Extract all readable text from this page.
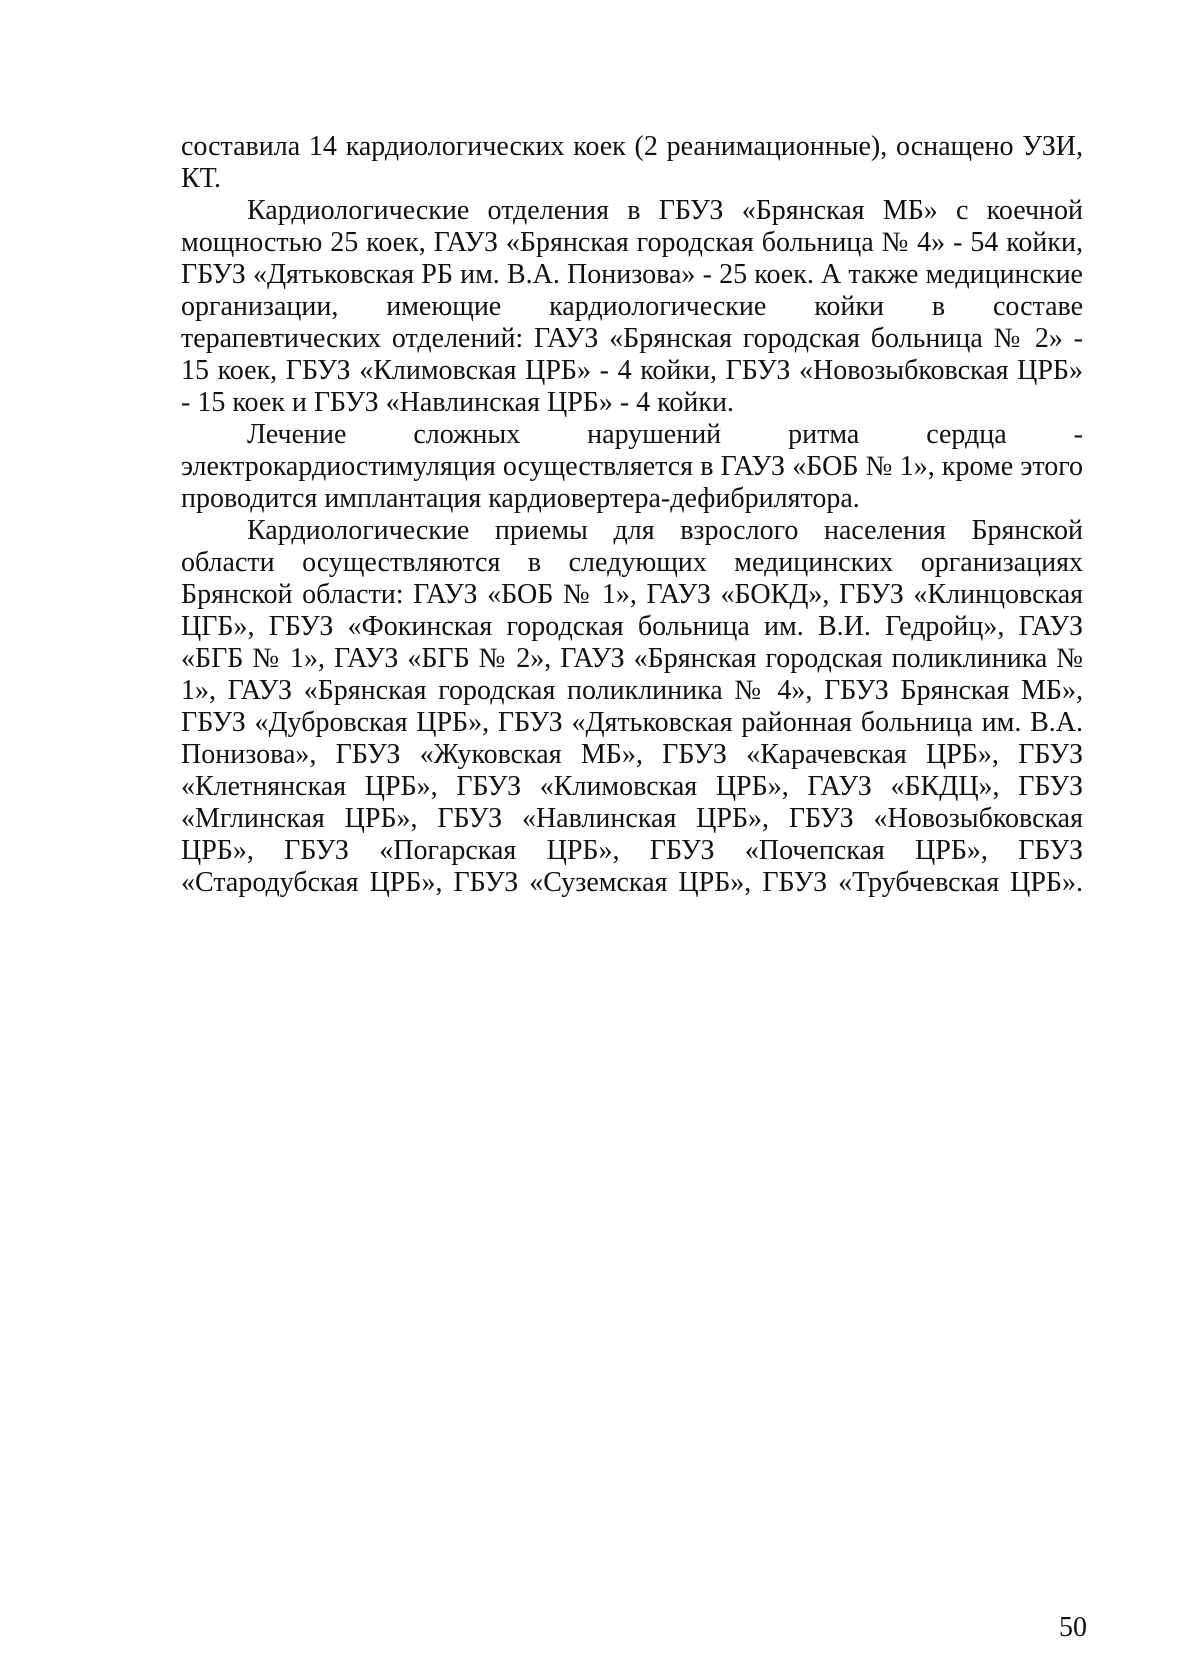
составила 14 кардиологических коек (2 реанимационные), оснащено УЗИ, КТ.

Кардиологические отделения в ГБУЗ «Брянская МБ» с коечной мощностью 25 коек, ГАУЗ «Брянская городская больница № 4» - 54 койки, ГБУЗ «Дятьковская РБ им. В.А. Понизова» - 25 коек. А также медицинские организации, имеющие кардиологические койки в составе терапевтических отделений: ГАУЗ «Брянская городская больница № 2» - 15 коек, ГБУЗ «Климовская ЦРБ» - 4 койки, ГБУЗ «Новозыбковская ЦРБ» - 15 коек и ГБУЗ «Навлинская ЦРБ» - 4 койки.

Лечение сложных нарушений ритма сердца - электрокардиостимуляция осуществляется в ГАУЗ «БОБ № 1», кроме этого проводится имплантация кардиовертера-дефибрилятора.

Кардиологические приемы для взрослого населения Брянской области осуществляются в следующих медицинских организациях Брянской области: ГАУЗ «БОБ № 1», ГАУЗ «БОКД», ГБУЗ «Клинцовская ЦГБ», ГБУЗ «Фокинская городская больница им. В.И. Гедройц», ГАУЗ «БГБ № 1», ГАУЗ «БГБ № 2», ГАУЗ «Брянская городская поликлиника № 1», ГАУЗ «Брянская городская поликлиника № 4», ГБУЗ Брянская МБ», ГБУЗ «Дубровская ЦРБ», ГБУЗ «Дятьковская районная больница им. В.А. Понизова», ГБУЗ «Жуковская МБ», ГБУЗ «Карачевская ЦРБ», ГБУЗ «Клетнянская ЦРБ», ГБУЗ «Климовская ЦРБ», ГАУЗ «БКДЦ», ГБУЗ «Мглинская ЦРБ», ГБУЗ «Навлинская ЦРБ», ГБУЗ «Новозыбковская ЦРБ», ГБУЗ «Погарская ЦРБ», ГБУЗ «Почепская ЦРБ», ГБУЗ «Стародубская ЦРБ», ГБУЗ «Суземская ЦРБ», ГБУЗ «Трубчевская ЦРБ».

50
